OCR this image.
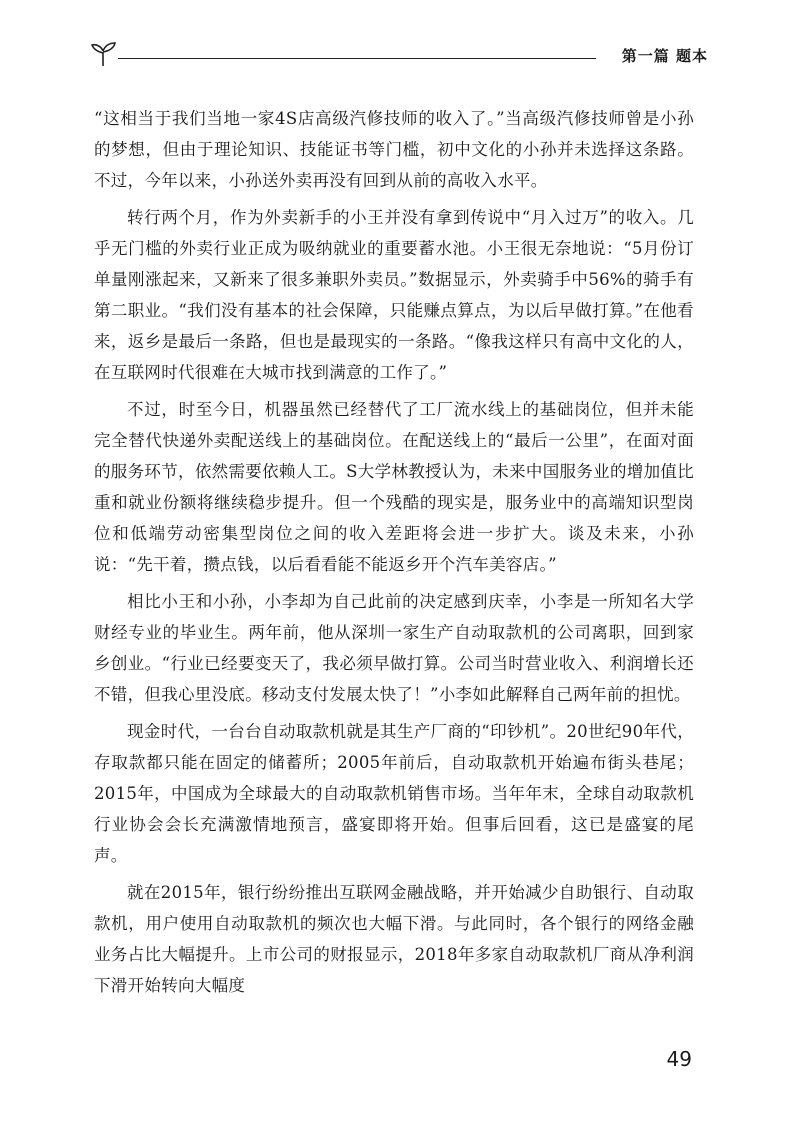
第一篇 题本

“这相当于我们当地一家4S店高级汽修技师的收入了。”当高级汽修技师曾是小孙的梦想，但由于理论知识、技能证书等门槛，初中文化的小孙并未选择这条路。不过，今年以来，小孙送外卖再没有回到从前的高收入水平。

转行两个月，作为外卖新手的小王并没有拿到传说中“月入过万”的收入。几乎无门槛的外卖行业正成为吸纳就业的重要蓄水池。小王很无奈地说：“5月份订单量刚涨起来，又新来了很多兼职外卖员。”数据显示，外卖骑手中56%的骑手有第二职业。“我们没有基本的社会保障，只能赚点算点，为以后早做打算。”在他看来，返乡是最后一条路，但也是最现实的一条路。“像我这样只有高中文化的人，在互联网时代很难在大城市找到满意的工作了。”

不过，时至今日，机器虽然已经替代了工厂流水线上的基础岗位，但并未能完全替代快递外卖配送线上的基础岗位。在配送线上的“最后一公里”，在面对面的服务环节，依然需要依赖人工。S大学林教授认为，未来中国服务业的增加值比重和就业份额将继续稳步提升。但一个残酷的现实是，服务业中的高端知识型岗位和低端劳动密集型岗位之间的收入差距将会进一步扩大。谈及未来，小孙说：“先干着，攒点钱，以后看看能不能返乡开个汽车美容店。”

相比小王和小孙，小李却为自己此前的决定感到庆幸，小李是一所知名大学财经专业的毕业生。两年前，他从深圳一家生产自动取款机的公司离职，回到家乡创业。“行业已经要变天了，我必须早做打算。公司当时营业收入、利润增长还不错，但我心里没底。移动支付发展太快了！”小李如此解释自己两年前的担忧。

现金时代，一台台自动取款机就是其生产厂商的“印钞机”。20世纪90年代，存取款都只能在固定的储蓄所；2005年前后，自动取款机开始遍布街头巷尾；2015年，中国成为全球最大的自动取款机销售市场。当年年末，全球自动取款机行业协会会长充满激情地预言，盛宴即将开始。但事后回看，这已是盛宴的尾声。

就在2015年，银行纷纷推出互联网金融战略，并开始减少自助银行、自动取款机，用户使用自动取款机的频次也大幅下滑。与此同时，各个银行的网络金融业务占比大幅提升。上市公司的财报显示，2018年多家自动取款机厂商从净利润下滑开始转向大幅度

49
